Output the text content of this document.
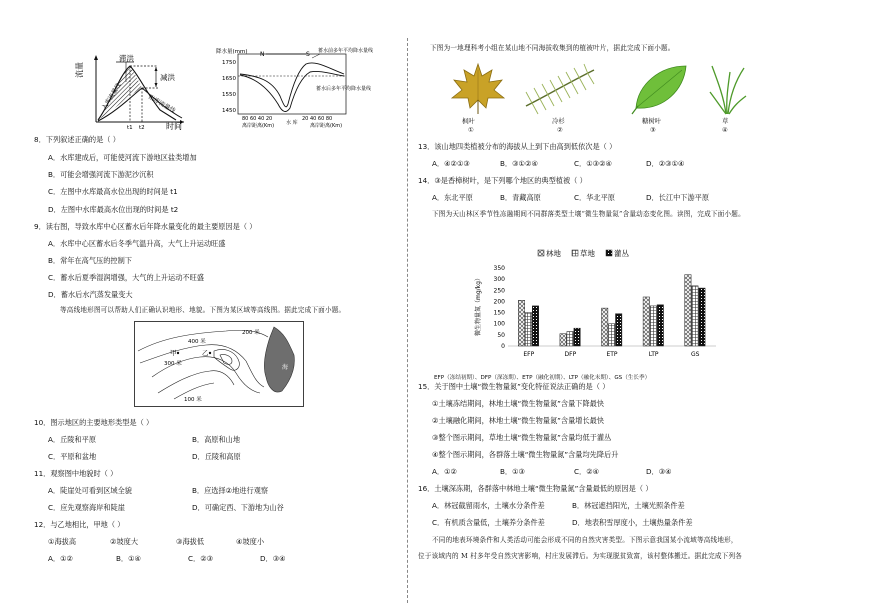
滞洪
减洪
流量
时间
入库流量线	出库流量线
t1 t2
降水量(mm)
1750
1650
1550
1450
N	S
80 60 40 20	20 40 60 80
离岸距离(Km) 水 库 离岸距离(Km)
蓄水前多年平均降水量线
蓄水后多年平均降水量线
8．下列叙述正确的是（ ）
A．水库建成后，可能使河流下游地区盐类增加
B．可能会增强河流下游泥沙沉积
C．左图中水库最高水位出现的时间是 t1
D．左图中水库最高水位出现的时间是 t2
9．读右图，导致水库中心区蓄水后年降水量变化的最主要原因是（ ）
A．水库中心区蓄水后冬季气温升高，大气上升运动旺盛
B．常年在高气压的控制下
C．蓄水后夏季湿润增强，大气的上升运动不旺盛
D．蓄水后水汽蒸发量变大
等高线地形图可以帮助人们正确认识地形、地貌。下图为某区域等高线图。据此完成下面小题。
海
200 米
400 米
300 米
100 米
甲	乙
10．图示地区的主要地形类型是（ ）
A．丘陵和平原	B．高原和山地
C．平原和盆地	D．丘陵和高原
11．观察图中地貌时（ ）
A．陡崖处可看到区域全貌	B．应选择②地进行观察
C．应先观察海岸和陡崖	D．可确定西、下游地为山谷
12．与乙地相比，甲地（ ）
①海拔高	②坡度大	③海拔低	④坡度小
A．①②	B．①④	C．②③	D．③④
下图为一地理科考小组在某山地不同海拔收集到的植被叶片，据此完成下面小题。
枫叶
①
冷杉
②
糖树叶
③
草
④
13．该山地四类植被分布的海拔从上到下由高到低依次是（ ）
A．④②①③	B．③①②④	C．①③②④	D．②③①④
14．③是香樟树叶，是下列哪个地区的典型植被（ ）
A．东北平原	B．青藏高原	C．华北平原	D．长江中下游平原
下图为天山林区季节性冻融期间不同群落类型土壤“微生物量氮”含量动态变化图。读图，完成下面小题。
林地	草地	灌丛
微生物量氮（mg/kg）
0
50
100
150
200
250
300
350
EFP	DFP	ETP	LTP	GS
EFP（冻结初期）、DFP（深冻期）、ETP（融化初期）、LTP（融化末期）、GS（生长季）
15．关于图中土壤“微生物量氮”变化特征说法正确的是（ ）
①土壤冻结期间，林地土壤“微生物量氮”含量下降最快
②土壤融化期间，林地土壤“微生物量氮”含量增长最快
③整个图示期间，草地土壤“微生物量氮”含量均低于灌丛
④整个图示期间，各群落土壤“微生物量氮”含量均先降后升
A．①②	B．①③	C．②④	D．③④
16．土壤深冻期，各群落中林地土壤“微生物量氮”含量最低的原因是（ ）
A．林冠截留雨水，土壤水分条件差	B．林冠遮挡阳光，土壤光照条件差
C．有机质含量低，土壤养分条件差	D．地表积雪厚度小，土壤热量条件差
不同的地表环境条件和人类活动可能会形成不同的自然灾害类型。下图示意我国某小流域等高线地形，
位于该域内的 M 村多年受自然灾害影响，村庄发展滞后。为实现脱贫致富，该村整体搬迁。据此完成下列各
